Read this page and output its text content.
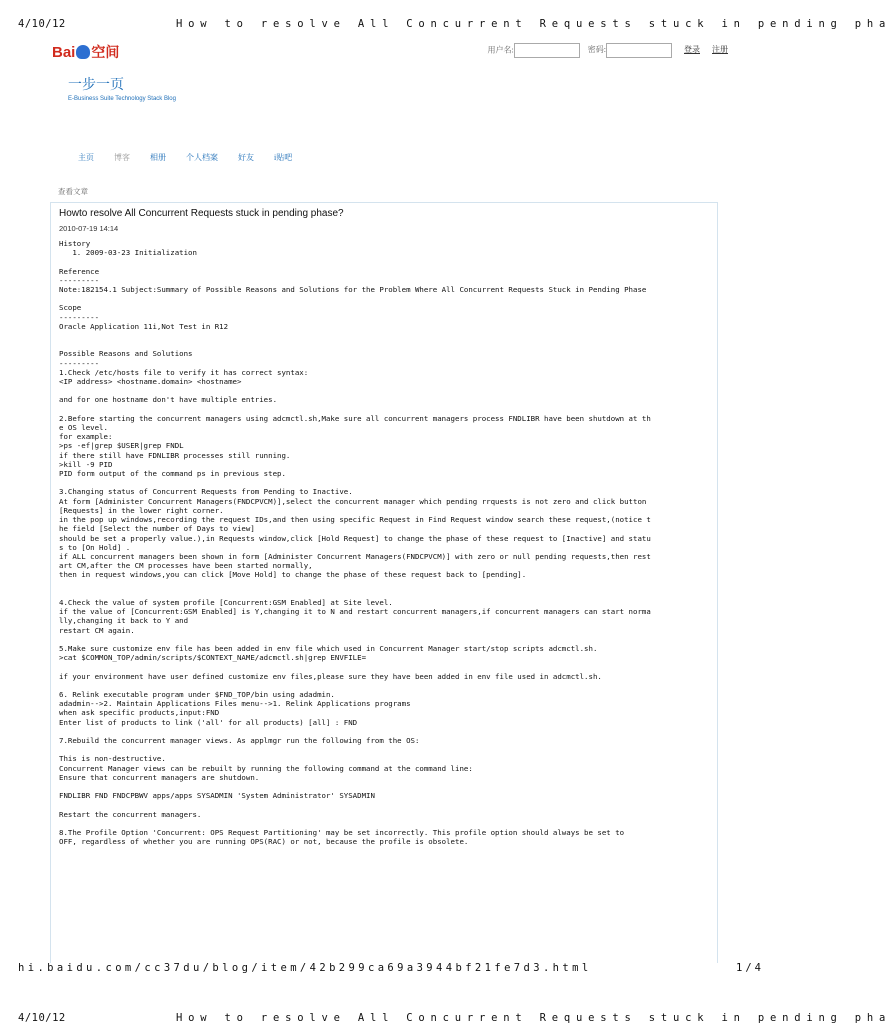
4/10/12	How to resolve All Concurrent Requests stuck in pending pha
Bai 空间	用户名:	密码:	登录 注册
一步一页
E-Business Suite Technology Stack Blog
主页	博客	相册	个人档案	好友	i贴吧
查看文章
Howto resolve All Concurrent Requests stuck in pending phase?
2010-07-19 14:14
History
1. 2009-03-23 Initialization

Reference
---------
Note:182154.1 Subject:Summary of Possible Reasons and Solutions for the Problem Where All Concurrent Requests Stuck in Pending Phase

Scope
---------
Oracle Application 11i,Not Test in R12

Possible Reasons and Solutions
---------
1.Check /etc/hosts file to verify it has correct syntax:
<IP address> <hostname.domain> <hostname>

and for one hostname don't have multiple entries.

2.Before starting the concurrent managers using adcmctl.sh,Make sure all concurrent managers process FNDLIBR have been shutdown at th
e OS level.
for example:
>ps -ef|grep $USER|grep FNDL
if there still have FDNLIBR processes still running.
>kill -9 PID
PID form output of the command ps in previous step.

3.Changing status of Concurrent Requests from Pending to Inactive.
At form [Administer Concurrent Managers(FNDCPVCM)],select the concurrent manager which pending rrquests is not zero and click button
[Requests] in the lower right corner.
in the pop up windows,recording the request IDs,and then using specific Request in Find Request window search these request,(notice t
he field [Select the number of Days to view]
should be set a properly value.),in Requests window,click [Hold Request] to change the phase of these request to [Inactive] and statu
s to [On Hold] .
if ALL concurrent managers been shown in form [Administer Concurrent Managers(FNDCPVCM)] with zero or null pending requests,then rest
art CM,after the CM processes have been started normally,
then in request windows,you can click [Move Hold] to change the phase of these request back to [pending].

4.Check the value of system profile [Concurrent:GSM Enabled] at Site level.
if the value of [Concurrent:GSM Enabled] is Y,changing it to N and restart concurrent managers,if concurrent managers can start norma
lly,changing it back to Y and
restart CM again.

5.Make sure customize env file has been added in env file which used in Concurrent Manager start/stop scripts adcmctl.sh.
>cat $COMMON_TOP/admin/scripts/$CONTEXT_NAME/adcmctl.sh|grep ENVFILE=

if your environment have user defined customize env files,please sure they have been added in env file used in adcmctl.sh.

6. Relink executable program under $FND_TOP/bin using adadmin.
adadmin-->2. Maintain Applications Files menu-->1. Relink Applications programs
when ask specific products,input:FND
Enter list of products to link ('all' for all products) [all] : FND

7.Rebuild the concurrent manager views. As applmgr run the following from the OS:

This is non-destructive.
Concurrent Manager views can be rebuilt by running the following command at the command line:
Ensure that concurrent managers are shutdown.

FNDLIBR FND FNDCPBWV apps/apps SYSADMIN 'System Administrator' SYSADMIN

Restart the concurrent managers.

8.The Profile Option 'Concurrent: OPS Request Partitioning' may be set incorrectly. This profile option should always be set to
OFF, regardless of whether you are running OPS(RAC) or not, because the profile is obsolete.
hi.baidu.com/cc37du/blog/item/42b299ca69a3944bf21fe7d3.html	1/4
4/10/12	How to resolve All Concurrent Requests stuck in pending pha
